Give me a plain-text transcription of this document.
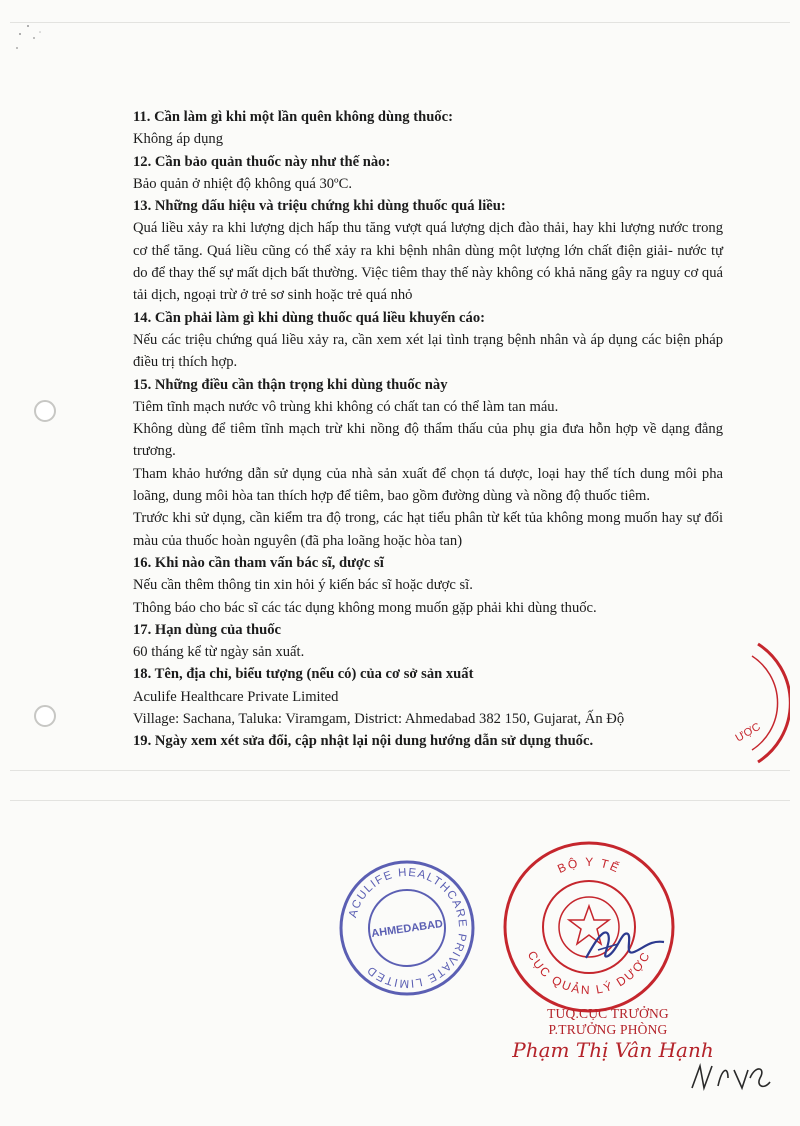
11. Cần làm gì khi một lần quên không dùng thuốc:

Không áp dụng

12. Cần bảo quản thuốc này như thế nào:

Bảo quản ở nhiệt độ không quá 30ºC.

13. Những dấu hiệu và triệu chứng khi dùng thuốc quá liều:

Quá liều xảy ra khi lượng dịch hấp thu tăng vượt quá lượng dịch đào thải, hay khi lượng nước trong cơ thể tăng. Quá liều cũng có thể xảy ra khi bệnh nhân dùng một lượng lớn chất điện giải- nước tự do để thay thế sự mất dịch bất thường. Việc tiêm thay thế này không có khả năng gây ra nguy cơ quá tải dịch, ngoại trừ ở trẻ sơ sinh hoặc trẻ quá nhỏ

14. Cần phải làm gì khi dùng thuốc quá liều khuyến cáo:

Nếu các triệu chứng quá liều xảy ra, cần xem xét lại tình trạng bệnh nhân và áp dụng các biện pháp điều trị thích hợp.

15. Những điều cần thận trọng khi dùng thuốc này

Tiêm tĩnh mạch nước vô trùng khi không có chất tan có thể làm tan máu.

Không dùng để tiêm tĩnh mạch trừ khi nồng độ thẩm thấu của phụ gia đưa hỗn hợp về dạng đẳng trương.

Tham khảo hướng dẫn sử dụng của nhà sản xuất để chọn tá dược, loại hay thể tích dung môi pha loãng, dung môi hòa tan thích hợp để tiêm, bao gồm đường dùng và nồng độ thuốc tiêm.

Trước khi sử dụng, cần kiểm tra độ trong, các hạt tiểu phân từ kết tủa không mong muốn hay sự đổi màu của thuốc hoàn nguyên (đã pha loãng hoặc hòa tan)

16. Khi nào cần tham vấn bác sĩ, dược sĩ

Nếu cần thêm thông tin xin hỏi ý kiến bác sĩ hoặc dược sĩ.

Thông báo cho bác sĩ các tác dụng không mong muốn gặp phải khi dùng thuốc.

17. Hạn dùng của thuốc

60 tháng kể từ ngày sản xuất.

18. Tên, địa chỉ, biểu tượng (nếu có) của cơ sở sản xuất

Aculife Healthcare Private Limited

Village: Sachana, Taluka: Viramgam, District: Ahmedabad 382 150, Gujarat, Ấn Độ

19. Ngày xem xét sửa đổi, cập nhật lại nội dung hướng dẫn sử dụng thuốc.	ƯỢC
ACULIFE HEALTHCARE PRIVATE LIMITED
AHMEDABAD
BỘ Y TẾ
CỤC QUẢN LÝ DƯỢC
TUQ.CỤC TRƯỞNG
P.TRƯỞNG PHÒNG
Phạm Thị Vân Hạnh
